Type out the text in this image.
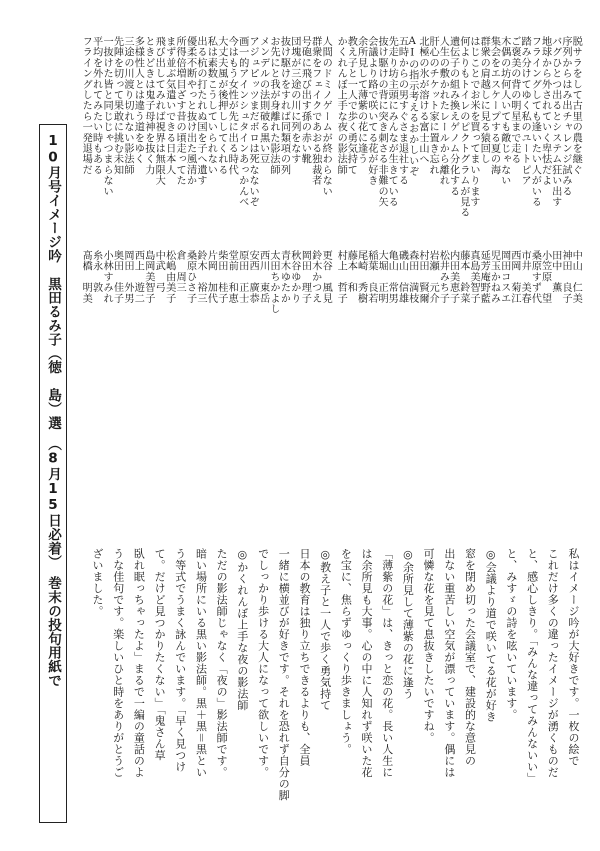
10月号イメージ吟　黒田るみ子（徳　島）選　（8月15日必着）　巻末の投句用紙で
人間のドミノゲームが終わらない
更谷　風見
群衆をフェイクであおる独裁者
鈴木かつえ
号砲に飛び出す孫の赤い靴
岡田　理子
団塊が三途の川に列をなす
秋谷ゆかり
抜け駆けをすれば同類項の列
青木ゆたか
お先にと我が身離れた影法師
太田ちかよし
メンデルの法則破る黒い豆
西川　東岳
アジュピッツまだボロは死なないぞ
安西　廣恭
画一的アインシュタインあっかんべ
原田　正士
今はもう女性が先に出る時代
堂前　和恵
大丈夫風が後押ししてくれる
柴田　桂子
私は素数こうしていられない
片岡　加代
出る杭の打たれぬ国を子へ遺す
鈴木　裕三
優柔不断やっと抜け出た風清か
桑原ひさ子
所得倍増目ざす昔の頃走ってた
倉　周三
まず並ぶ気遣いできる日本人
松嶋由美子
飛び出してみれば視界は無限大
中武　弓
ときどきは鬼子母神を抜く力
島岡美智子
多様性人とは違う道をゆく
西上　遊二
三途の川渡り切れない影法師
岡田　外男
先陣を切って果敢に挑む未知
奥田　佳子
一抜けた皆と同じじゃつまらない
小林すみれ
平均を外れてみたい時もある
糸永　敦
フライングしたら一発退場だ
髙橋　明美
脱サラをして古里の農を継ぐ
中山　仁美
序列からはみ出チャレンジ試みる
神田　良子
バグひとつ出るとシステム狂い出す
田中　薫
地球から外されていく卑怯だよ
小笠原　望
フライングしても逢いたい人がいる
桑原すず代
踏み分けてゆく私のユートピア
市井　美春
ご褒美の背の明星まで走る
西岡　菊江
木偶の坊何人いても敵じゃない
岡田コスエ
集会をエスケープする夏の海
児玉かねみ
群衆の肩越しに見る猿回し
延芳庵野藍
はじことでお米を買ってまいります
真島美智子
何よりもトイレのピクトグラムが見る
藤本　鈴菜
遺伝子の組み換えゲノム分化する
内田美恵子
人生の敷かれたレールから離れ
松井みち子
肝心のチケット家に置き忘れ
岩瀬　元介
北極の氷が溶ける富士山へ
村田　賢爾
AIの指示考えるおかしいぞ
森田　満枝
五時からの男すぐさま退社する
磯山　信雄
先走り坊主頭にみんなが生きている
亀山　常男
抜け駆けの背に突き刺さる非難の矢
大堀　正明
会議より路で咲いてる花が好き
稲葉　良若
余所見して薄紫の花に逢う
尾崎　秀樹
教え子と一人で歩く勇気持て
藤本　和
かくれんぼ上手な夜の影法師
村上　哲子
私はイメージ吟が大好きです。一枚の絵で
これだけ多くの違ったイメージが湧くものだ
と、感心しきり。「みんな違ってみんないい」
と、みすゞの詩を呟いています。
◎会議より道で咲いてる花が好き
窓を閉め切った会議室で、建設的な意見の
出ない重苦しい空気が漂っています。偶には
可憐な花を見て息抜きしたいですね。
◎余所見して薄紫の花に逢う
「薄紫の花」は、きっと恋の花。長い人生に
は余所見も大事。心の中に人知れず咲いた花
を宝に、焦らずゆっくり歩きましょう。
◎教え子と一人で歩く勇気持て
日本の教育は独り立ちできるよりも、全員
一緒に横並びが好きです。それを恐れず自分の脚
でしっかり歩ける大人になって欲しいです。
◎かくれんぼ上手な夜の影法師
ただの影法師じゃなく「夜の」影法師です。
暗い場所にいる黒い影法師。黒＋黒＝黒とい
う等式でうまく詠んでいます。「早く見つけ
て。だけど見つかりたくない」「鬼さん草
臥れ眠っちゃったよ」まるで一編の童話のよ
うな佳句です。楽しいひと時をありがとうご
ざいました。
